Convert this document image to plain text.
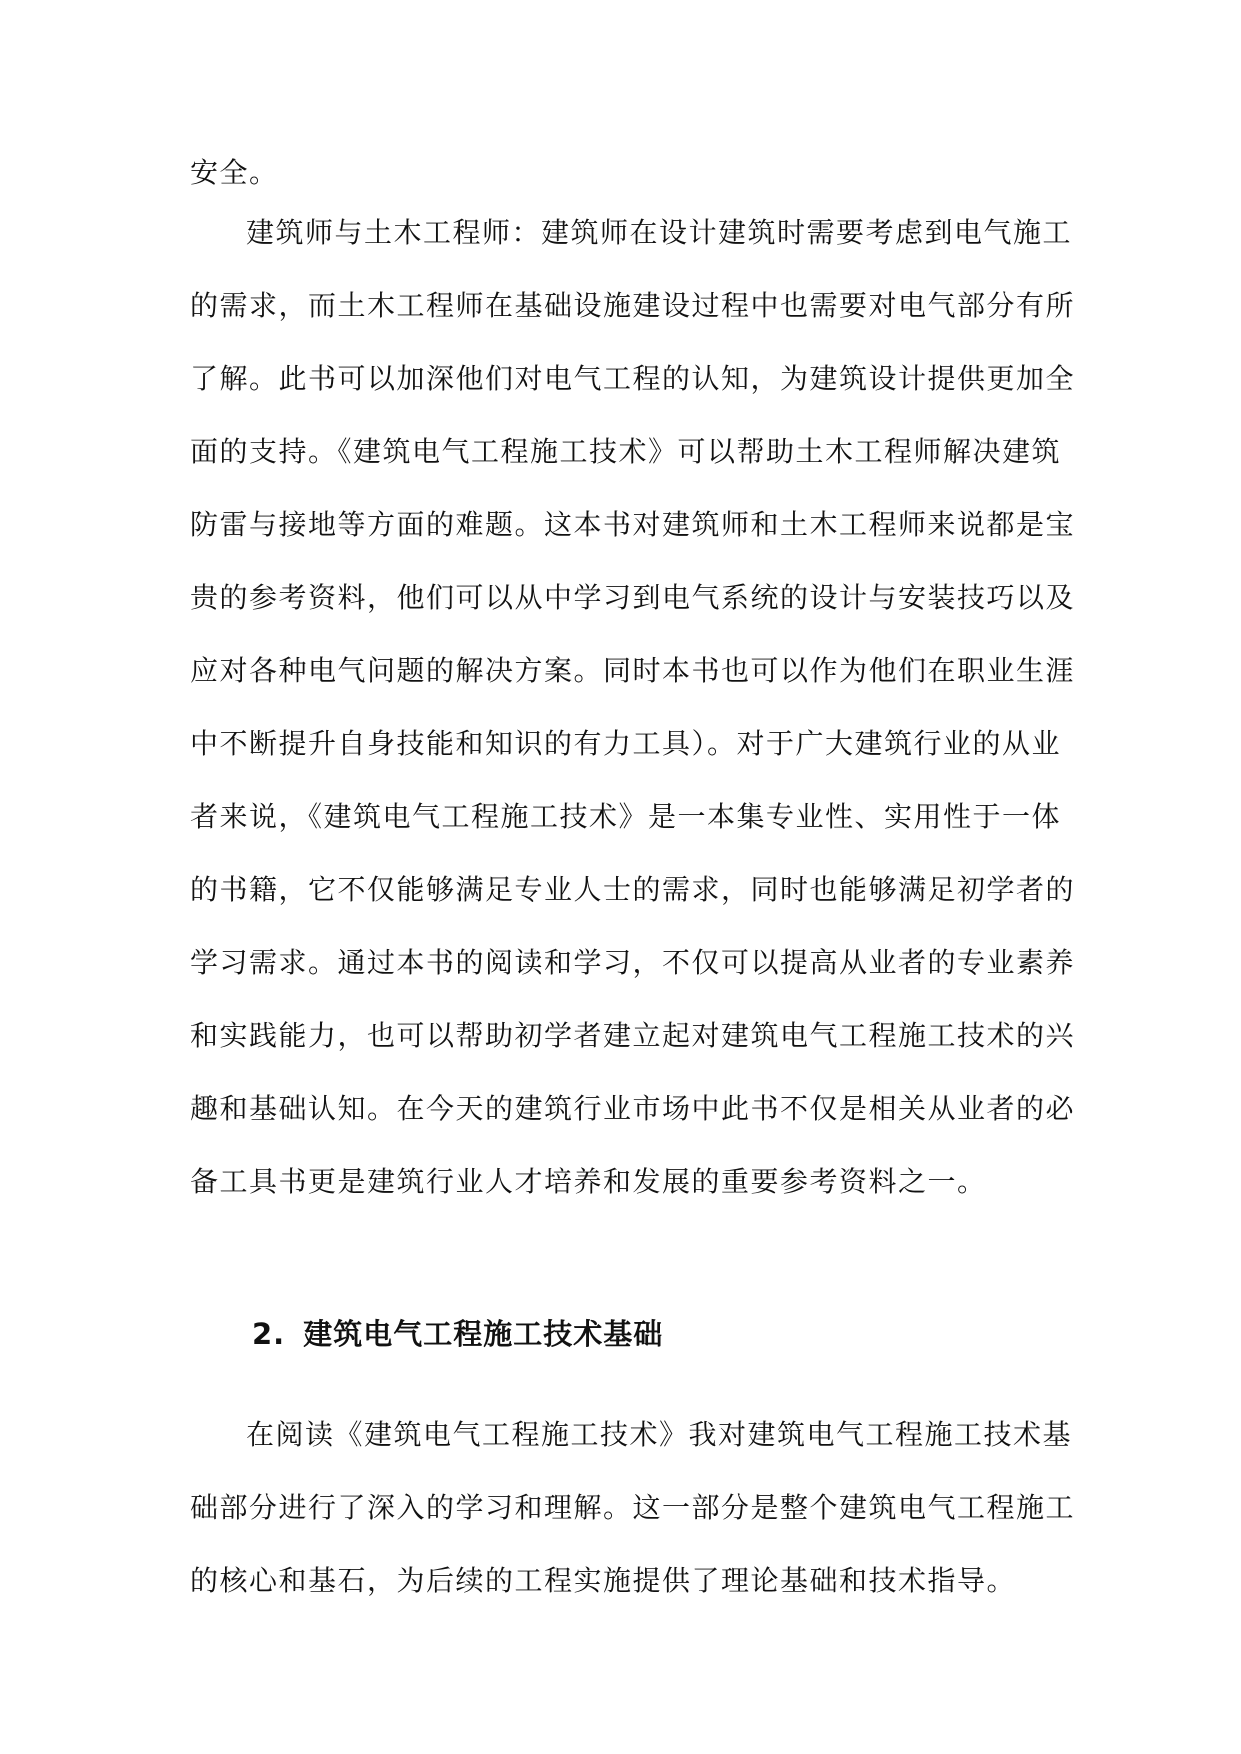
安全。
建筑师与土木工程师：建筑师在设计建筑时需要考虑到电气施工
的需求，而土木工程师在基础设施建设过程中也需要对电气部分有所
了解。此书可以加深他们对电气工程的认知，为建筑设计提供更加全
面的支持。《建筑电气工程施工技术》可以帮助土木工程师解决建筑
防雷与接地等方面的难题。这本书对建筑师和土木工程师来说都是宝
贵的参考资料，他们可以从中学习到电气系统的设计与安装技巧以及
应对各种电气问题的解决方案。同时本书也可以作为他们在职业生涯
中不断提升自身技能和知识的有力工具）。对于广大建筑行业的从业
者来说，《建筑电气工程施工技术》是一本集专业性、实用性于一体
的书籍，它不仅能够满足专业人士的需求，同时也能够满足初学者的
学习需求。通过本书的阅读和学习，不仅可以提高从业者的专业素养
和实践能力，也可以帮助初学者建立起对建筑电气工程施工技术的兴
趣和基础认知。在今天的建筑行业市场中此书不仅是相关从业者的必
备工具书更是建筑行业人才培养和发展的重要参考资料之一。
2. 建筑电气工程施工技术基础
在阅读《建筑电气工程施工技术》我对建筑电气工程施工技术基
础部分进行了深入的学习和理解。这一部分是整个建筑电气工程施工
的核心和基石，为后续的工程实施提供了理论基础和技术指导。
